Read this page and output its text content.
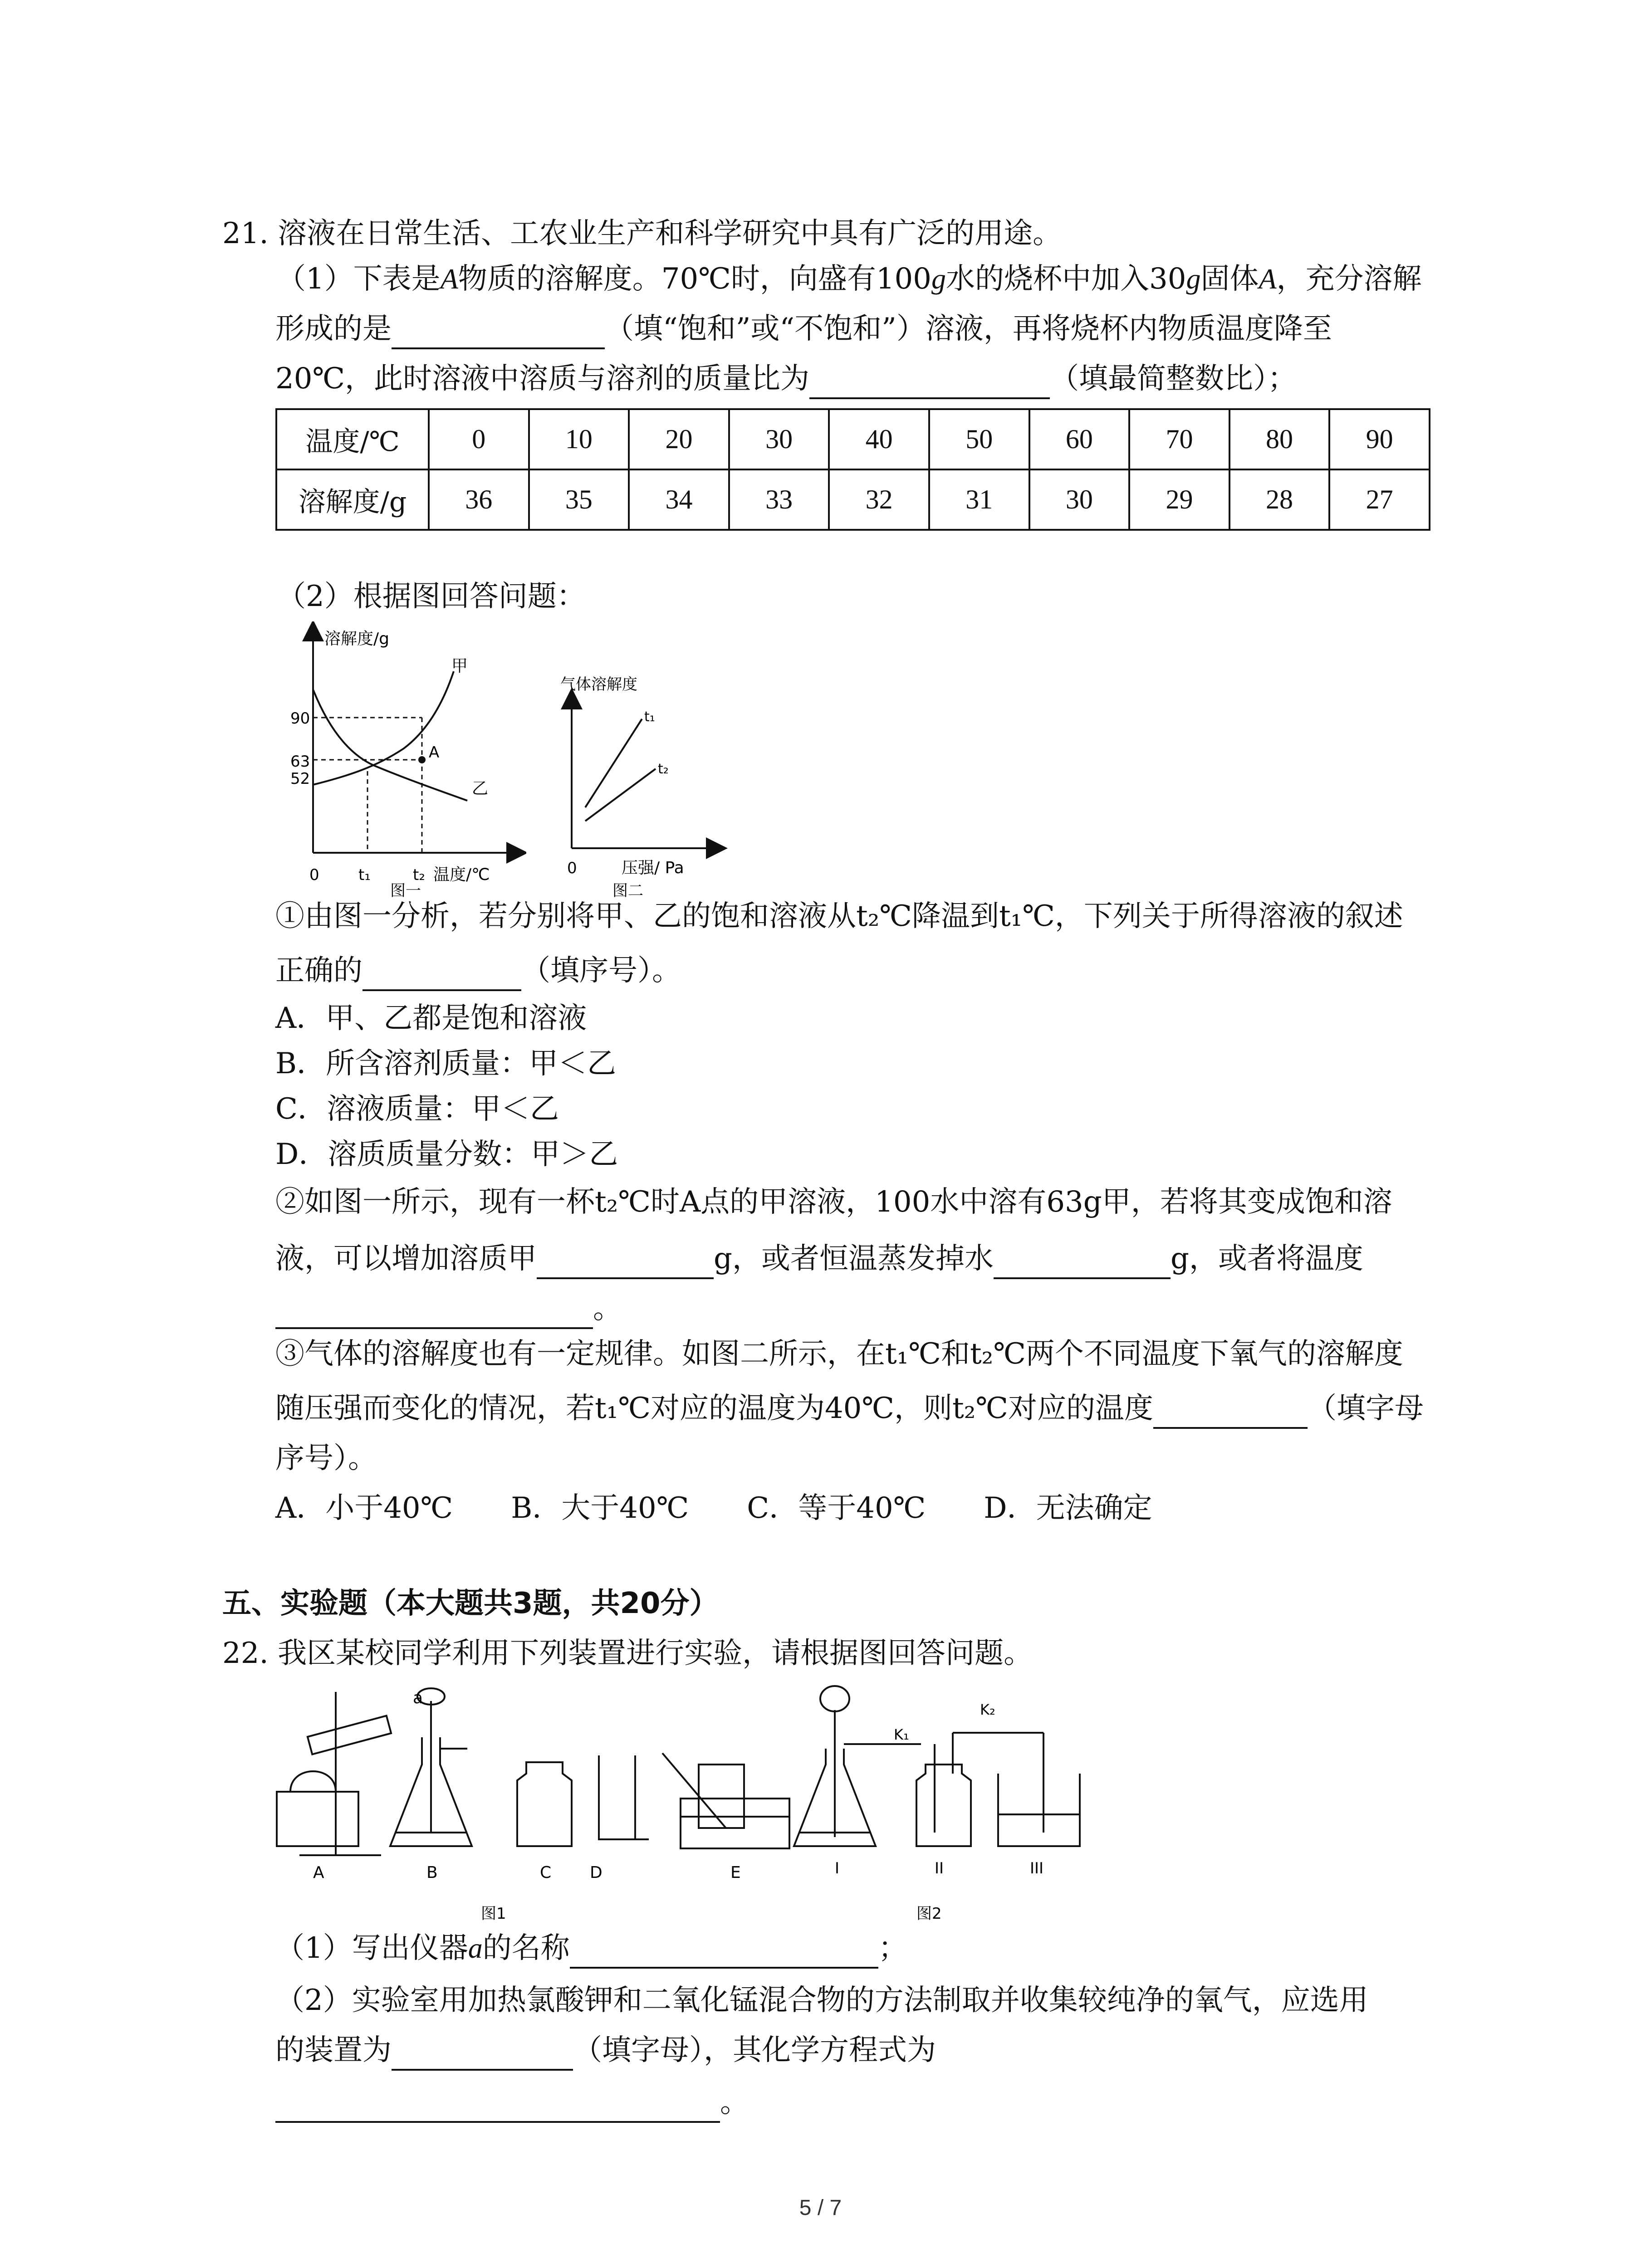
21. 溶液在日常生活、工农业生产和科学研究中具有广泛的用途。
（1）下表是A物质的溶解度。70℃时，向盛有100g水的烧杯中加入30g固体A，充分溶解
形成的是	（填“饱和”或“不饱和”）溶液，再将烧杯内物质温度降至
20℃，此时溶液中溶质与溶剂的质量比为	（填最简整数比）；
温度/℃	0	10	20	30	40	50	60	70	80	90
溶解度/g	36	35	34	33	32	31	30	29	28	27
（2）根据图回答问题：
溶解度/g
90
63
52
0	t₁	t₂ 温度/℃
甲
乙
A
图一
气体溶解度
t₁
t₂
0	压强/ Pa
图二
①由图一分析，若分别将甲、乙的饱和溶液从t₂℃降温到t₁℃，下列关于所得溶液的叙述
正确的	（填序号）。
A．甲、乙都是饱和溶液
B．所含溶剂质量：甲＜乙
C．溶液质量：甲＜乙
D．溶质质量分数：甲＞乙
②如图一所示，现有一杯t₂℃时A点的甲溶液，100水中溶有63g甲，若将其变成饱和溶
液，可以增加溶质甲	g，或者恒温蒸发掉水	g，或者将温度
。
③气体的溶解度也有一定规律。如图二所示，在t₁℃和t₂℃两个不同温度下氧气的溶解度
随压强而变化的情况，若t₁℃对应的温度为40℃，则t₂℃对应的温度	（填字母
序号）。
A．小于40℃　　B．大于40℃　　C．等于40℃　　D．无法确定
五、实验题（本大题共3题，共20分）
22. 我区某校同学利用下列装置进行实验，请根据图回答问题。
a
K₁
K₂
A	B	C D	E	I	II	III
图1	图2
（1）写出仪器a的名称	；
（2）实验室用加热氯酸钾和二氧化锰混合物的方法制取并收集较纯净的氧气，应选用
的装置为	（填字母），其化学方程式为
。
5 / 7
